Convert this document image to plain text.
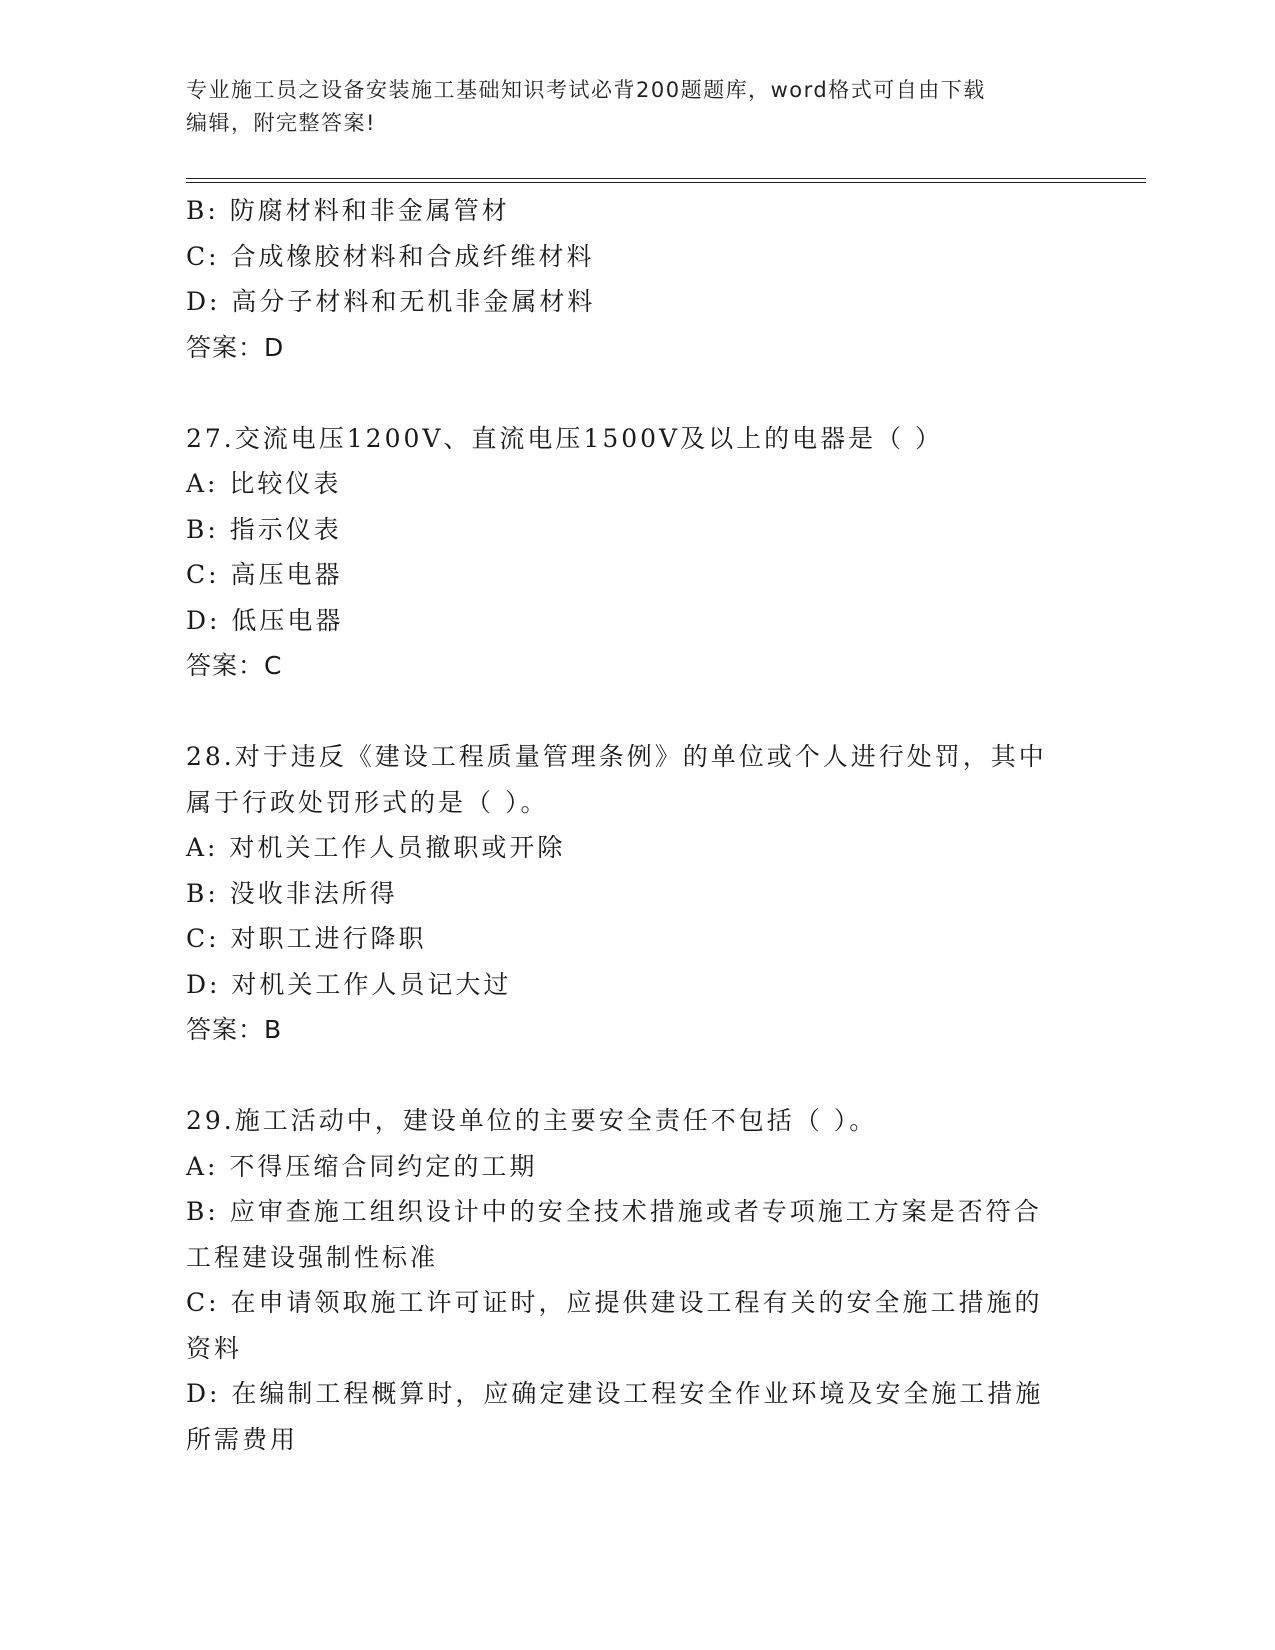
专业施工员之设备安装施工基础知识考试必背200题题库，word格式可自由下载
编辑，附完整答案!
B: 防腐材料和非金属管材
C: 合成橡胶材料和合成纤维材料
D: 高分子材料和无机非金属材料
答案：D
27.交流电压1200V、直流电压1500V及以上的电器是（ ）
A: 比较仪表
B: 指示仪表
C: 高压电器
D: 低压电器
答案：C
28.对于违反《建设工程质量管理条例》的单位或个人进行处罚，其中
属于行政处罚形式的是（ ）。
A: 对机关工作人员撤职或开除
B: 没收非法所得
C: 对职工进行降职
D: 对机关工作人员记大过
答案：B
29.施工活动中，建设单位的主要安全责任不包括（ ）。
A: 不得压缩合同约定的工期
B: 应审查施工组织设计中的安全技术措施或者专项施工方案是否符合
工程建设强制性标准
C: 在申请领取施工许可证时，应提供建设工程有关的安全施工措施的
资料
D: 在编制工程概算时，应确定建设工程安全作业环境及安全施工措施
所需费用
